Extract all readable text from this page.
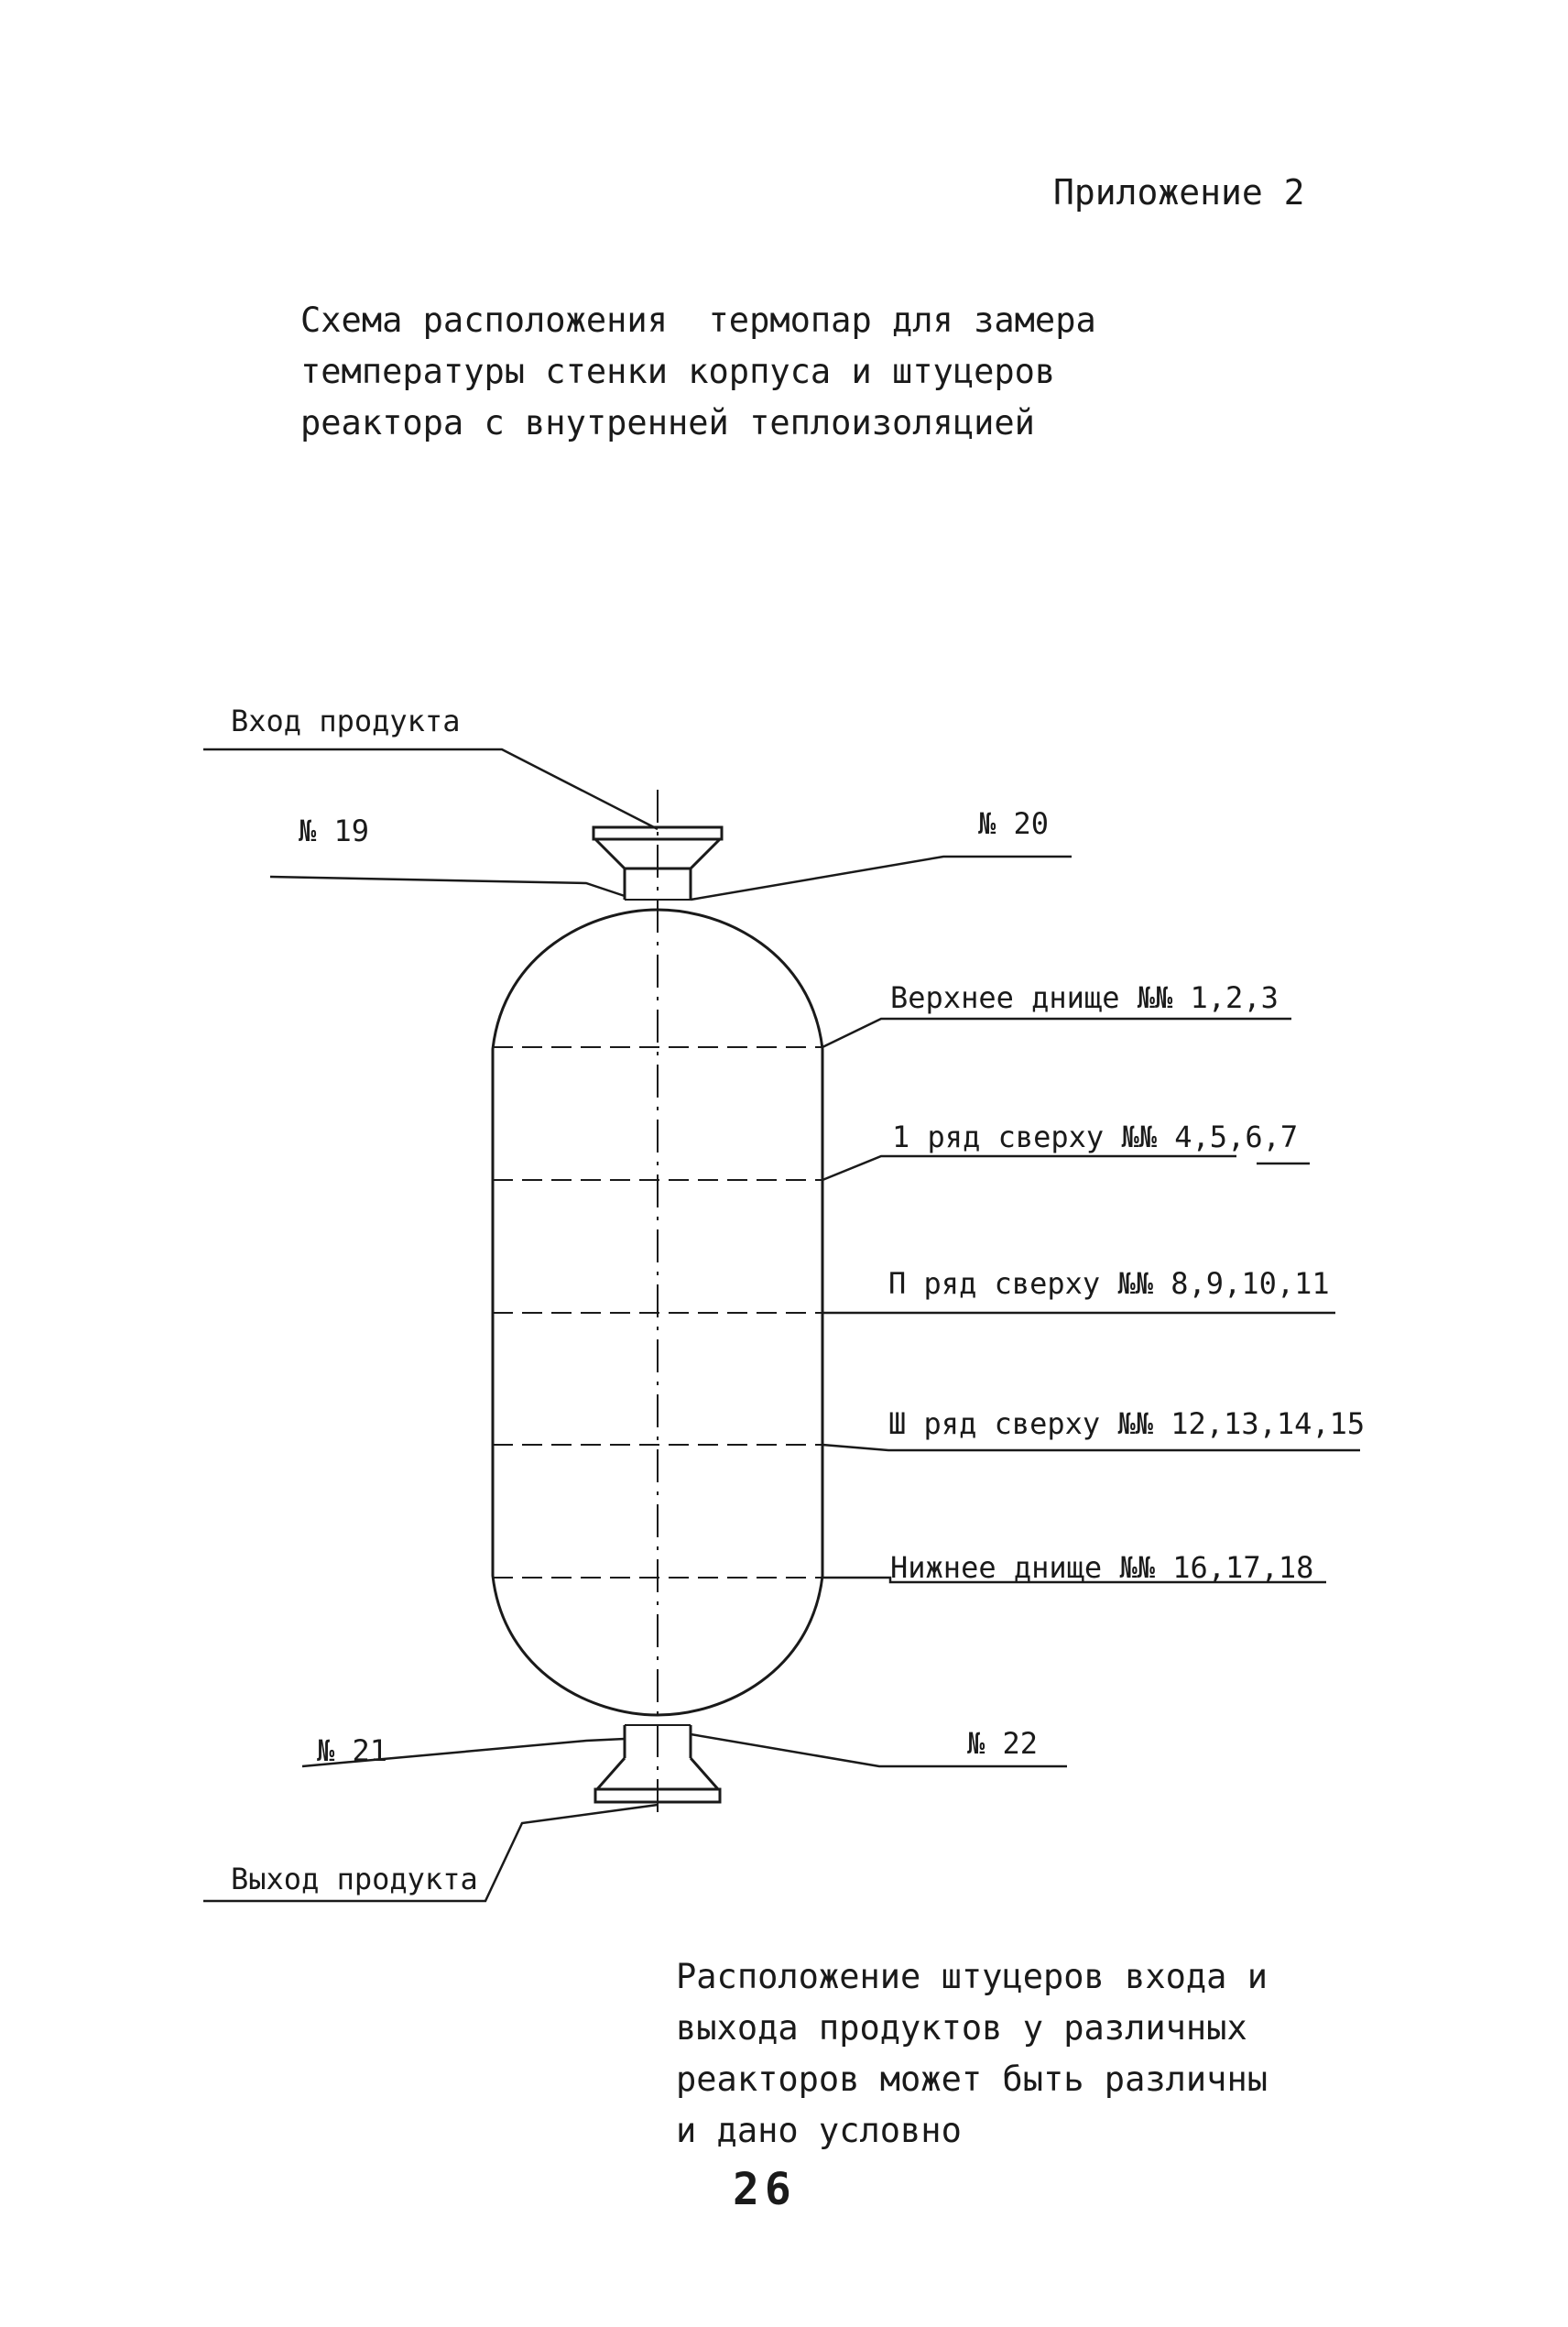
Приложение 2
Схема расположения  термопар для замера
температуры стенки корпуса и штуцеров
реактора с внутренней теплоизоляцией
Вход продукта
№ 19	№ 20
Верхнее днище №№ 1,2,3
1 ряд сверху №№ 4,5,6,7
П ряд сверху №№ 8,9,10,11
Ш ряд сверху №№ 12,13,14,15
Нижнее днище №№ 16,17,18
№ 21	№ 22
Выход продукта
Расположение штуцеров входа и
выхода продуктов у различных
реакторов может быть различны
и дано условно
26
